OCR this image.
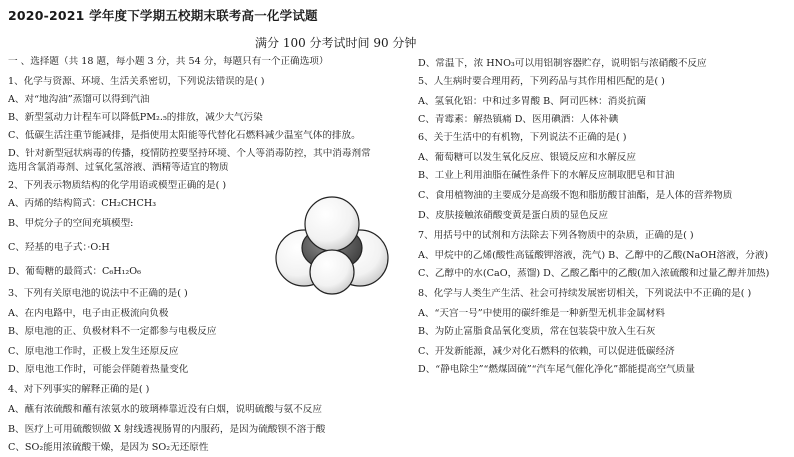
2020-2021 学年度下学期五校期末联考高一化学试题
满分 100 分考试时间 90 分钟
一 、选择题（共 18 题，每小题 3 分，共 54 分，每题只有一个正确选项）
1、化学与资源、环境、生活关系密切，下列说法错误的是( )
A、对“地沟油”蒸馏可以得到汽油
B、新型氢动力计程车可以降低PM₂.₅的排放，减少大气污染
C、低碳生活注重节能减排，是指使用太阳能等代替化石燃料减少温室气体的排放。
D、针对新型冠状病毒的传播，疫情防控要坚持环境、个人等消毒防控，其中消毒剂常
选用含氯消毒剂、过氧化氢溶液、酒精等适宜的物质
2、下列表示物质结构的化学用语或模型正确的是( )
A、丙烯的结构简式：CH₂CHCH₃
B、甲烷分子的空间充填模型:
C、羟基的电子式：·O:H
D、葡萄糖的最简式：C₆H₁₂O₆
3、下列有关原电池的说法中不正确的是( )
A、在内电路中，电子由正极流向负极
B、原电池的正、负极材料不一定都参与电极反应
C、原电池工作时，正极上发生还原反应
D、原电池工作时，可能会伴随着热量变化
4、对下列事实的解释正确的是( )
A、蘸有浓硫酸和蘸有浓氨水的玻璃棒靠近没有白烟，说明硫酸与氨不反应
B、医疗上可用硫酸钡做 X 射线透视肠胃的内服药，是因为硫酸钡不溶于酸
C、SO₂能用浓硫酸干燥，是因为 SO₂无还原性
D、常温下，浓 HNO₃可以用铝制容器贮存，说明铝与浓硝酸不反应
5、人生病时要合理用药，下列药品与其作用相匹配的是( )
A、氢氧化铝：中和过多胃酸 B、阿司匹林：消炎抗菌
C、青霉素：解热镇痛 D、医用碘酒：人体补碘
6、关于生活中的有机物，下列说法不正确的是( )
A、葡萄糖可以发生氧化反应、银镜反应和水解反应
B、工业上利用油脂在碱性条件下的水解反应制取肥皂和甘油
C、食用植物油的主要成分是高级不饱和脂肪酸甘油酯，是人体的营养物质
D、皮肤接触浓硝酸变黄是蛋白质的显色反应
7、用括号中的试剂和方法除去下列各物质中的杂质，正确的是( )
A、甲烷中的乙烯(酸性高锰酸钾溶液，洗气) B、乙醇中的乙酸(NaOH溶液，分液)
C、乙醇中的水(CaO，蒸馏) D、乙酸乙酯中的乙酸(加入浓硫酸和过量乙醇并加热)
8、化学与人类生产生活、社会可持续发展密切相关，下列说法中不正确的是( )
A、“天宫一号”中使用的碳纤维是一种新型无机非金属材料
B、为防止富脂食品氧化变质，常在包装袋中放入生石灰
C、开发新能源，减少对化石燃料的依赖，可以促进低碳经济
D、“静电除尘”“燃煤固硫”“汽车尾气催化净化”都能提高空气质量
